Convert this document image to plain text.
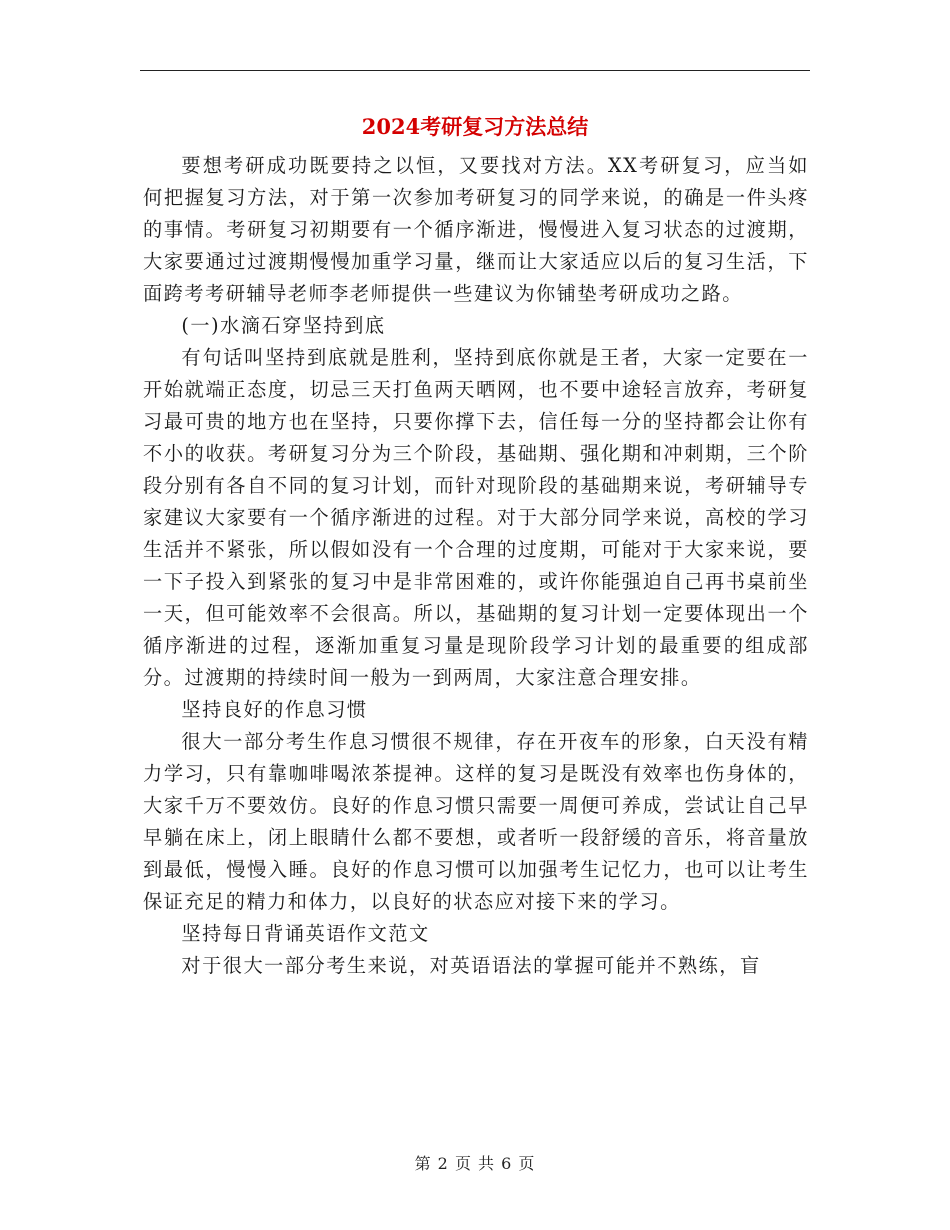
2024考研复习方法总结

要想考研成功既要持之以恒，又要找对方法。XX考研复习，应当如何把握复习方法，对于第一次参加考研复习的同学来说，的确是一件头疼的事情。考研复习初期要有一个循序渐进，慢慢进入复习状态的过渡期，大家要通过过渡期慢慢加重学习量，继而让大家适应以后的复习生活，下面跨考考研辅导老师李老师提供一些建议为你铺垫考研成功之路。

(一)水滴石穿坚持到底

有句话叫坚持到底就是胜利，坚持到底你就是王者，大家一定要在一开始就端正态度，切忌三天打鱼两天晒网，也不要中途轻言放弃，考研复习最可贵的地方也在坚持，只要你撑下去，信任每一分的坚持都会让你有不小的收获。考研复习分为三个阶段，基础期、强化期和冲刺期，三个阶段分别有各自不同的复习计划，而针对现阶段的基础期来说，考研辅导专家建议大家要有一个循序渐进的过程。对于大部分同学来说，高校的学习生活并不紧张，所以假如没有一个合理的过度期，可能对于大家来说，要一下子投入到紧张的复习中是非常困难的，或许你能强迫自己再书桌前坐一天，但可能效率不会很高。所以，基础期的复习计划一定要体现出一个循序渐进的过程，逐渐加重复习量是现阶段学习计划的最重要的组成部分。过渡期的持续时间一般为一到两周，大家注意合理安排。

坚持良好的作息习惯

很大一部分考生作息习惯很不规律，存在开夜车的形象，白天没有精力学习，只有靠咖啡喝浓茶提神。这样的复习是既没有效率也伤身体的，大家千万不要效仿。良好的作息习惯只需要一周便可养成，尝试让自己早早躺在床上，闭上眼睛什么都不要想，或者听一段舒缓的音乐，将音量放到最低，慢慢入睡。良好的作息习惯可以加强考生记忆力，也可以让考生保证充足的精力和体力，以良好的状态应对接下来的学习。

坚持每日背诵英语作文范文

对于很大一部分考生来说，对英语语法的掌握可能并不熟练，盲

第 2 页 共 6 页
